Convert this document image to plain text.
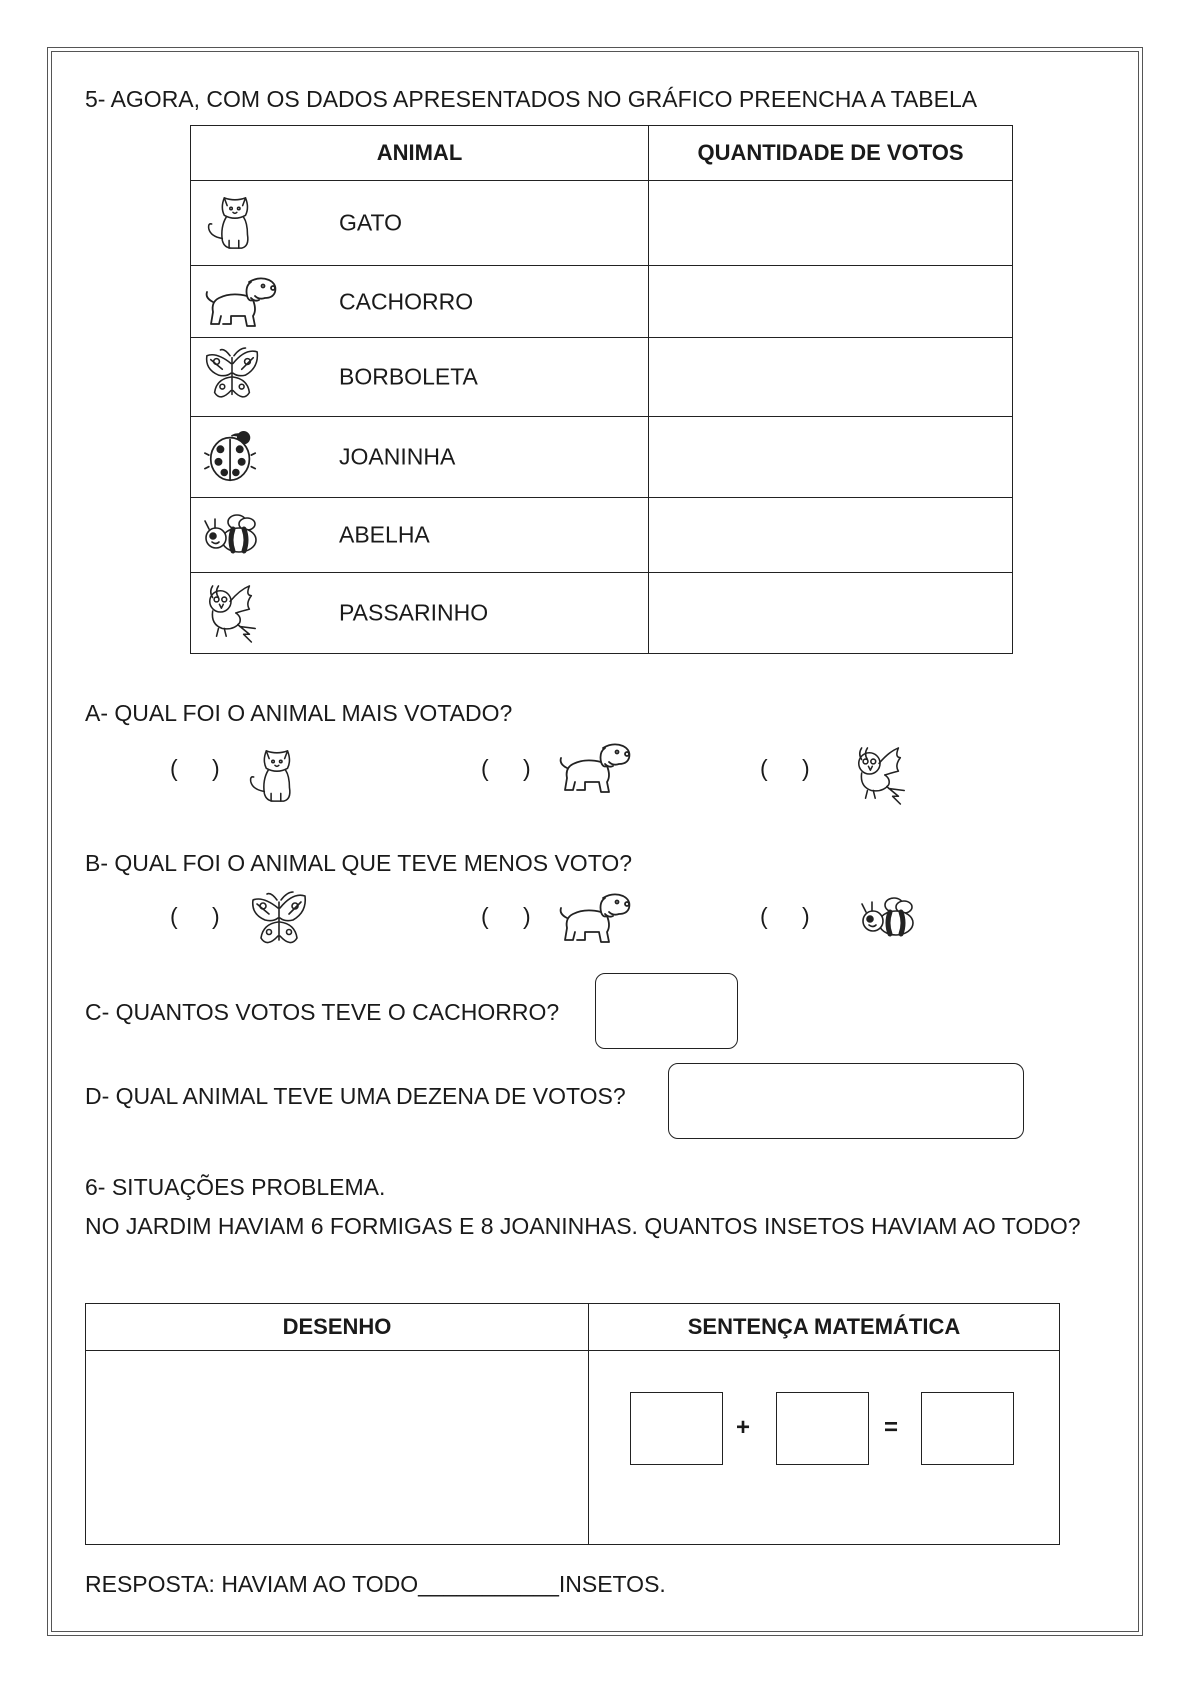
5- AGORA, COM OS DADOS APRESENTADOS NO GRÁFICO PREENCHA A TABELA
ANIMAL	QUANTIDADE DE VOTOS

GATO	

CACHORRO	

BORBOLETA	

JOANINHA	

ABELHA	

PASSARINHO	

A- QUAL FOI O ANIMAL MAIS VOTADO?
( )	( )	( )
B- QUAL FOI O ANIMAL QUE TEVE MENOS VOTO?
( )	( )	( )
C- QUANTOS VOTOS TEVE O CACHORRO?
D- QUAL ANIMAL TEVE UMA DEZENA DE VOTOS?
6- SITUAÇÕES PROBLEMA.
NO JARDIM HAVIAM 6 FORMIGAS E 8 JOANINHAS. QUANTOS INSETOS HAVIAM AO TODO?
DESENHO	SENTENÇA MATEMÁTICA

+	=
RESPOSTA: HAVIAM AO TODO___________INSETOS.
